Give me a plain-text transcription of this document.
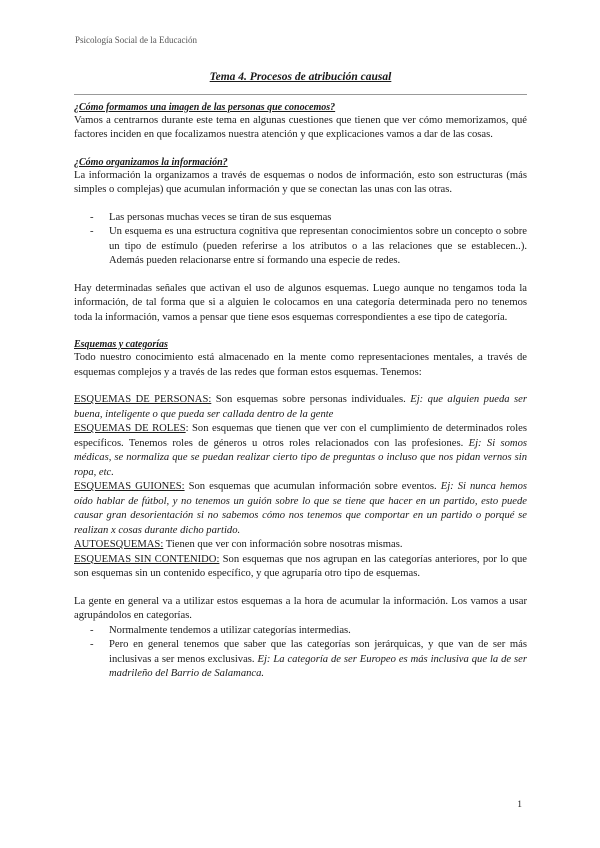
Psicología Social de la Educación

Tema 4. Procesos de atribución causal

¿Cómo formamos una imagen de las personas que conocemos?

Vamos a centrarnos durante este tema en algunas cuestiones que tienen que ver cómo memorizamos, qué factores inciden en que focalizamos nuestra atención y que explicaciones vamos a dar de las cosas.

¿Cómo organizamos la información?

La información la organizamos a través de esquemas o nodos de información, esto son estructuras (más simples o complejas) que acumulan información y que se conectan las unas con las otras.

- Las personas muchas veces se tiran de sus esquemas
- Un esquema es una estructura cognitiva que representan conocimientos sobre un concepto o sobre un tipo de estímulo (pueden referirse a los atributos o a las relaciones que se establecen..). Además pueden relacionarse entre sí formando una especie de redes.

Hay determinadas señales que activan el uso de algunos esquemas. Luego aunque no tengamos toda la información, de tal forma que si a alguien le colocamos en una categoría determinada pero no tenemos toda la información, vamos a pensar que tiene esos esquemas correspondientes a ese tipo de categoría.

Esquemas y categorías

Todo nuestro conocimiento está almacenado en la mente como representaciones mentales, a través de esquemas complejos y a través de las redes que forman estos esquemas. Tenemos:

ESQUEMAS DE PERSONAS: Son esquemas sobre personas individuales. Ej: que alguien pueda ser buena, inteligente o que pueda ser callada dentro de la gente

ESQUEMAS DE ROLES: Son esquemas que tienen que ver con el cumplimiento de determinados roles específicos. Tenemos roles de géneros u otros roles relacionados con las profesiones. Ej: Si somos médicas, se normaliza que se puedan realizar cierto tipo de preguntas o incluso que nos pidan vernos sin ropa, etc.

ESQUEMAS GUIONES: Son esquemas que acumulan información sobre eventos. Ej: Si nunca hemos oído hablar de fútbol, y no tenemos un guión sobre lo que se tiene que hacer en un partido, esto puede causar gran desorientación si no sabemos cómo nos tenemos que comportar en un partido o porqué se realizan x cosas durante dicho partido.

AUTOESQUEMAS: Tienen que ver con información sobre nosotras mismas.

ESQUEMAS SIN CONTENIDO: Son esquemas que nos agrupan en las categorías anteriores, por lo que son esquemas sin un contenido específico, y que agruparía otro tipo de esquemas.

La gente en general va a utilizar estos esquemas a la hora de acumular la información. Los vamos a usar agrupándolos en categorías.

- Normalmente tendemos a utilizar categorías intermedias.
- Pero en general tenemos que saber que las categorías son jerárquicas, y que van de ser más inclusivas a ser menos exclusivas. Ej: La categoría de ser Europeo es más inclusiva que la de ser madrileño del Barrio de Salamanca.
1
